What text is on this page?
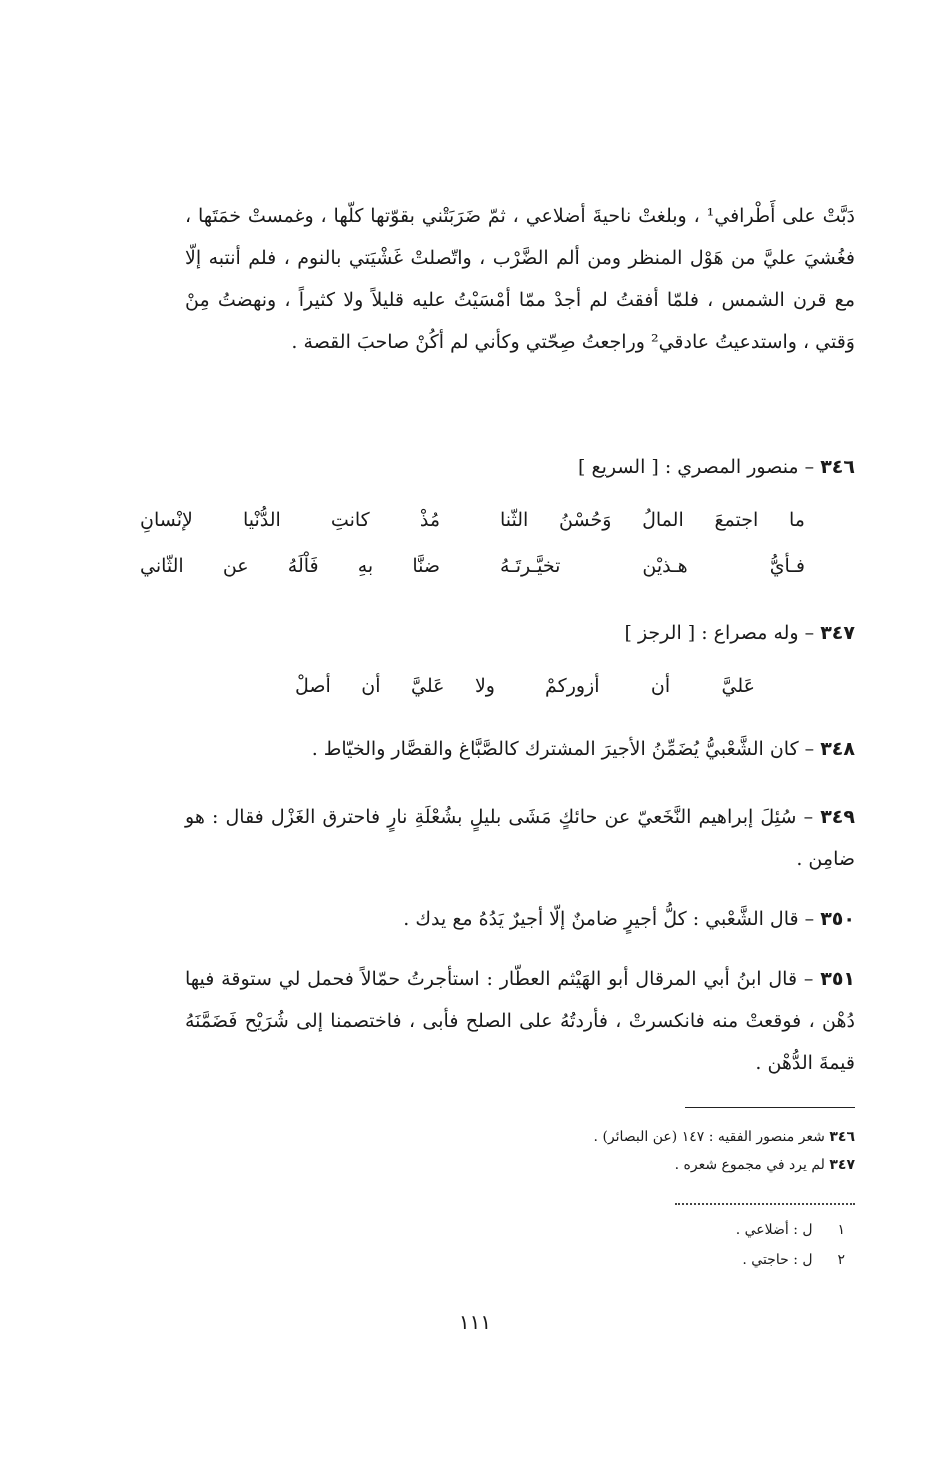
دَبَّتْ على أَطْرافي¹ ، وبلغتْ ناحيةَ أضلاعي ، ثمّ ضَرَبَتْني بقوّتها كلّها ، وغمستْ خمَتَها ، فغُشيَ عليَّ من هَوْل المنظر ومن ألم الضَّرْب ، واتّصلتْ غَشْيَتي بالنوم ، فلم أنتبه إلّا مع قرن الشمس ، فلمّا أفقتُ لم أجدْ ممّا أمْسَيْتُ عليه قليلاً ولا كثيراً ، ونهضتُ مِنْ وَقتي ، واستدعيتُ عادقي² وراجعتُ صِحّتي وكأني لم أكُنْ صاحبَ القصة .
٣٤٦ – منصور المصري : [ السريع ]
ما اجتمعَ المالُ وَحُسْنُ الثّنامُذْ كانتِ الدُّنْيا لإنْسانِ
فـأيُّ هـذيْن تخيَّـرتَـهُضنَّا بهِ فَاْلَهُ عن الثّاني
٣٤٧ – وله مصراع : [ الرجز ]
عَليَّ أن أزوركمْولا عَليَّ أن أصلْ
٣٤٨ – كان الشَّعْبيُّ يُضَمِّنُ الأجيرَ المشترك كالصَّبَّاغ والقصَّار والخيّاط .
٣٤٩ – سُئِلَ إبراهيم النَّخَعيّ عن حائكٍ مَشَى بليلٍ بشُعْلَةِ نارٍ فاحترق الغَزْل فقال : هو ضامِن .
٣٥٠ – قال الشَّعْبي : كلُّ أجيرٍ ضامنٌ إلّا أجيرٌ يَدُهُ مع يدك .
٣٥١ – قال ابنُ أبي المرقال أبو الهَيْثم العطّار : استأجرتُ حمّالاً فحمل لي ستوقة فيها دُهْن ، فوقعتْ منه فانكسرتْ ، فأردتُهُ على الصلح فأبى ، فاختصمنا إلى شُرَيْح فَضَمَّنَهُ قيمةَ الدُّهْن .
٣٤٦ شعر منصور الفقيه : ١٤٧ (عن البصائر) .
٣٤٧ لم يرد في مجموع شعره .
١  ل : أضلاعي .
٢  ل : حاجتي .
١١١
